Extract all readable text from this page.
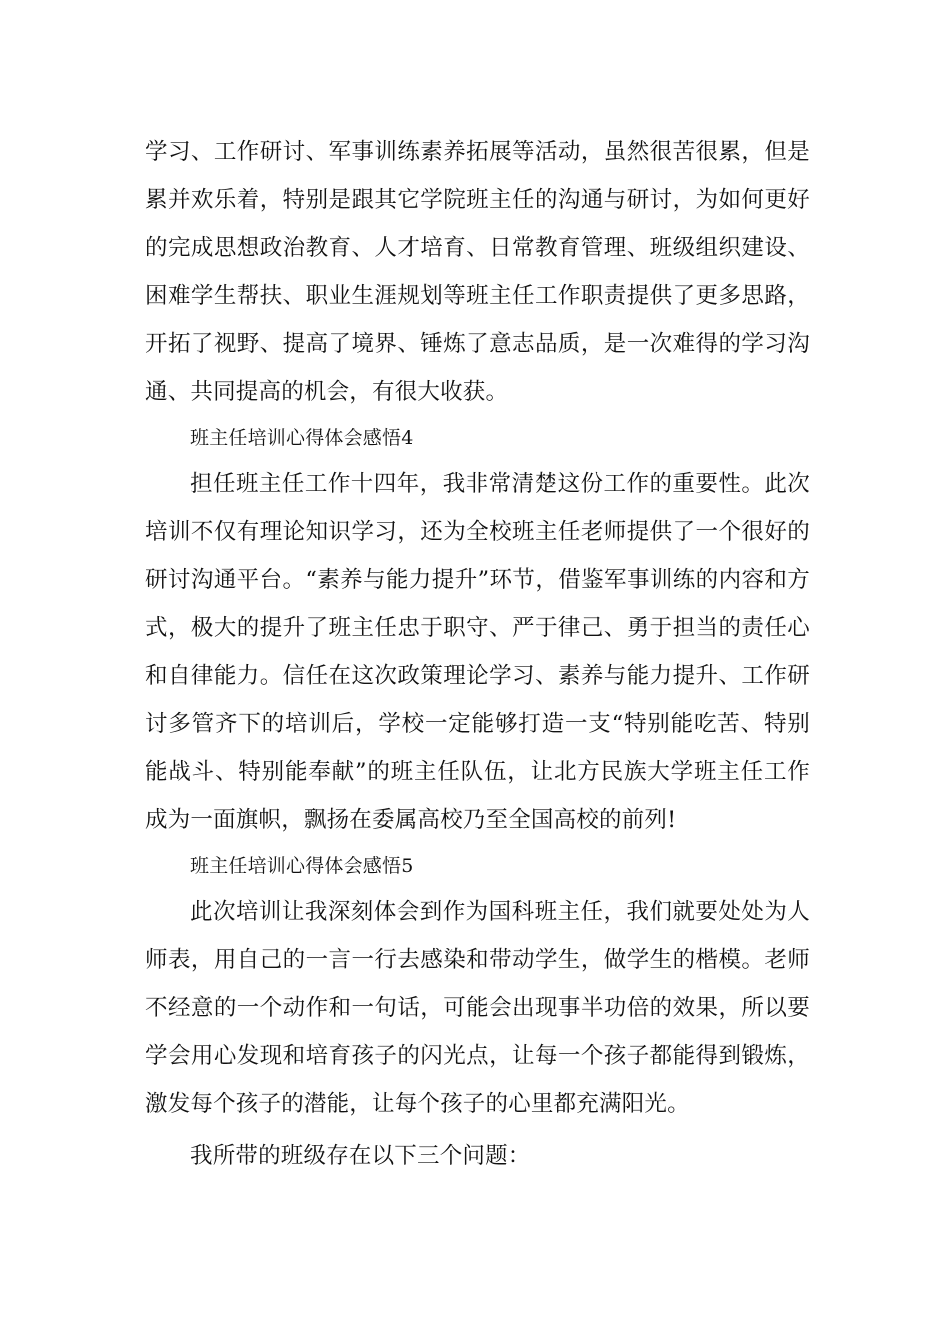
学习、工作研讨、军事训练素养拓展等活动，虽然很苦很累，但是累并欢乐着，特别是跟其它学院班主任的沟通与研讨，为如何更好的完成思想政治教育、人才培育、日常教育管理、班级组织建设、困难学生帮扶、职业生涯规划等班主任工作职责提供了更多思路，开拓了视野、提高了境界、锤炼了意志品质，是一次难得的学习沟通、共同提高的机会，有很大收获。

班主任培训心得体会感悟4

担任班主任工作十四年，我非常清楚这份工作的重要性。此次培训不仅有理论知识学习，还为全校班主任老师提供了一个很好的研讨沟通平台。“素养与能力提升”环节，借鉴军事训练的内容和方式，极大的提升了班主任忠于职守、严于律己、勇于担当的责任心和自律能力。信任在这次政策理论学习、素养与能力提升、工作研讨多管齐下的培训后，学校一定能够打造一支“特别能吃苦、特别能战斗、特别能奉献”的班主任队伍，让北方民族大学班主任工作成为一面旗帜，飘扬在委属高校乃至全国高校的前列!

班主任培训心得体会感悟5

此次培训让我深刻体会到作为国科班主任，我们就要处处为人师表，用自己的一言一行去感染和带动学生，做学生的楷模。老师不经意的一个动作和一句话，可能会出现事半功倍的效果，所以要学会用心发现和培育孩子的闪光点，让每一个孩子都能得到锻炼，激发每个孩子的潜能，让每个孩子的心里都充满阳光。

我所带的班级存在以下三个问题：
